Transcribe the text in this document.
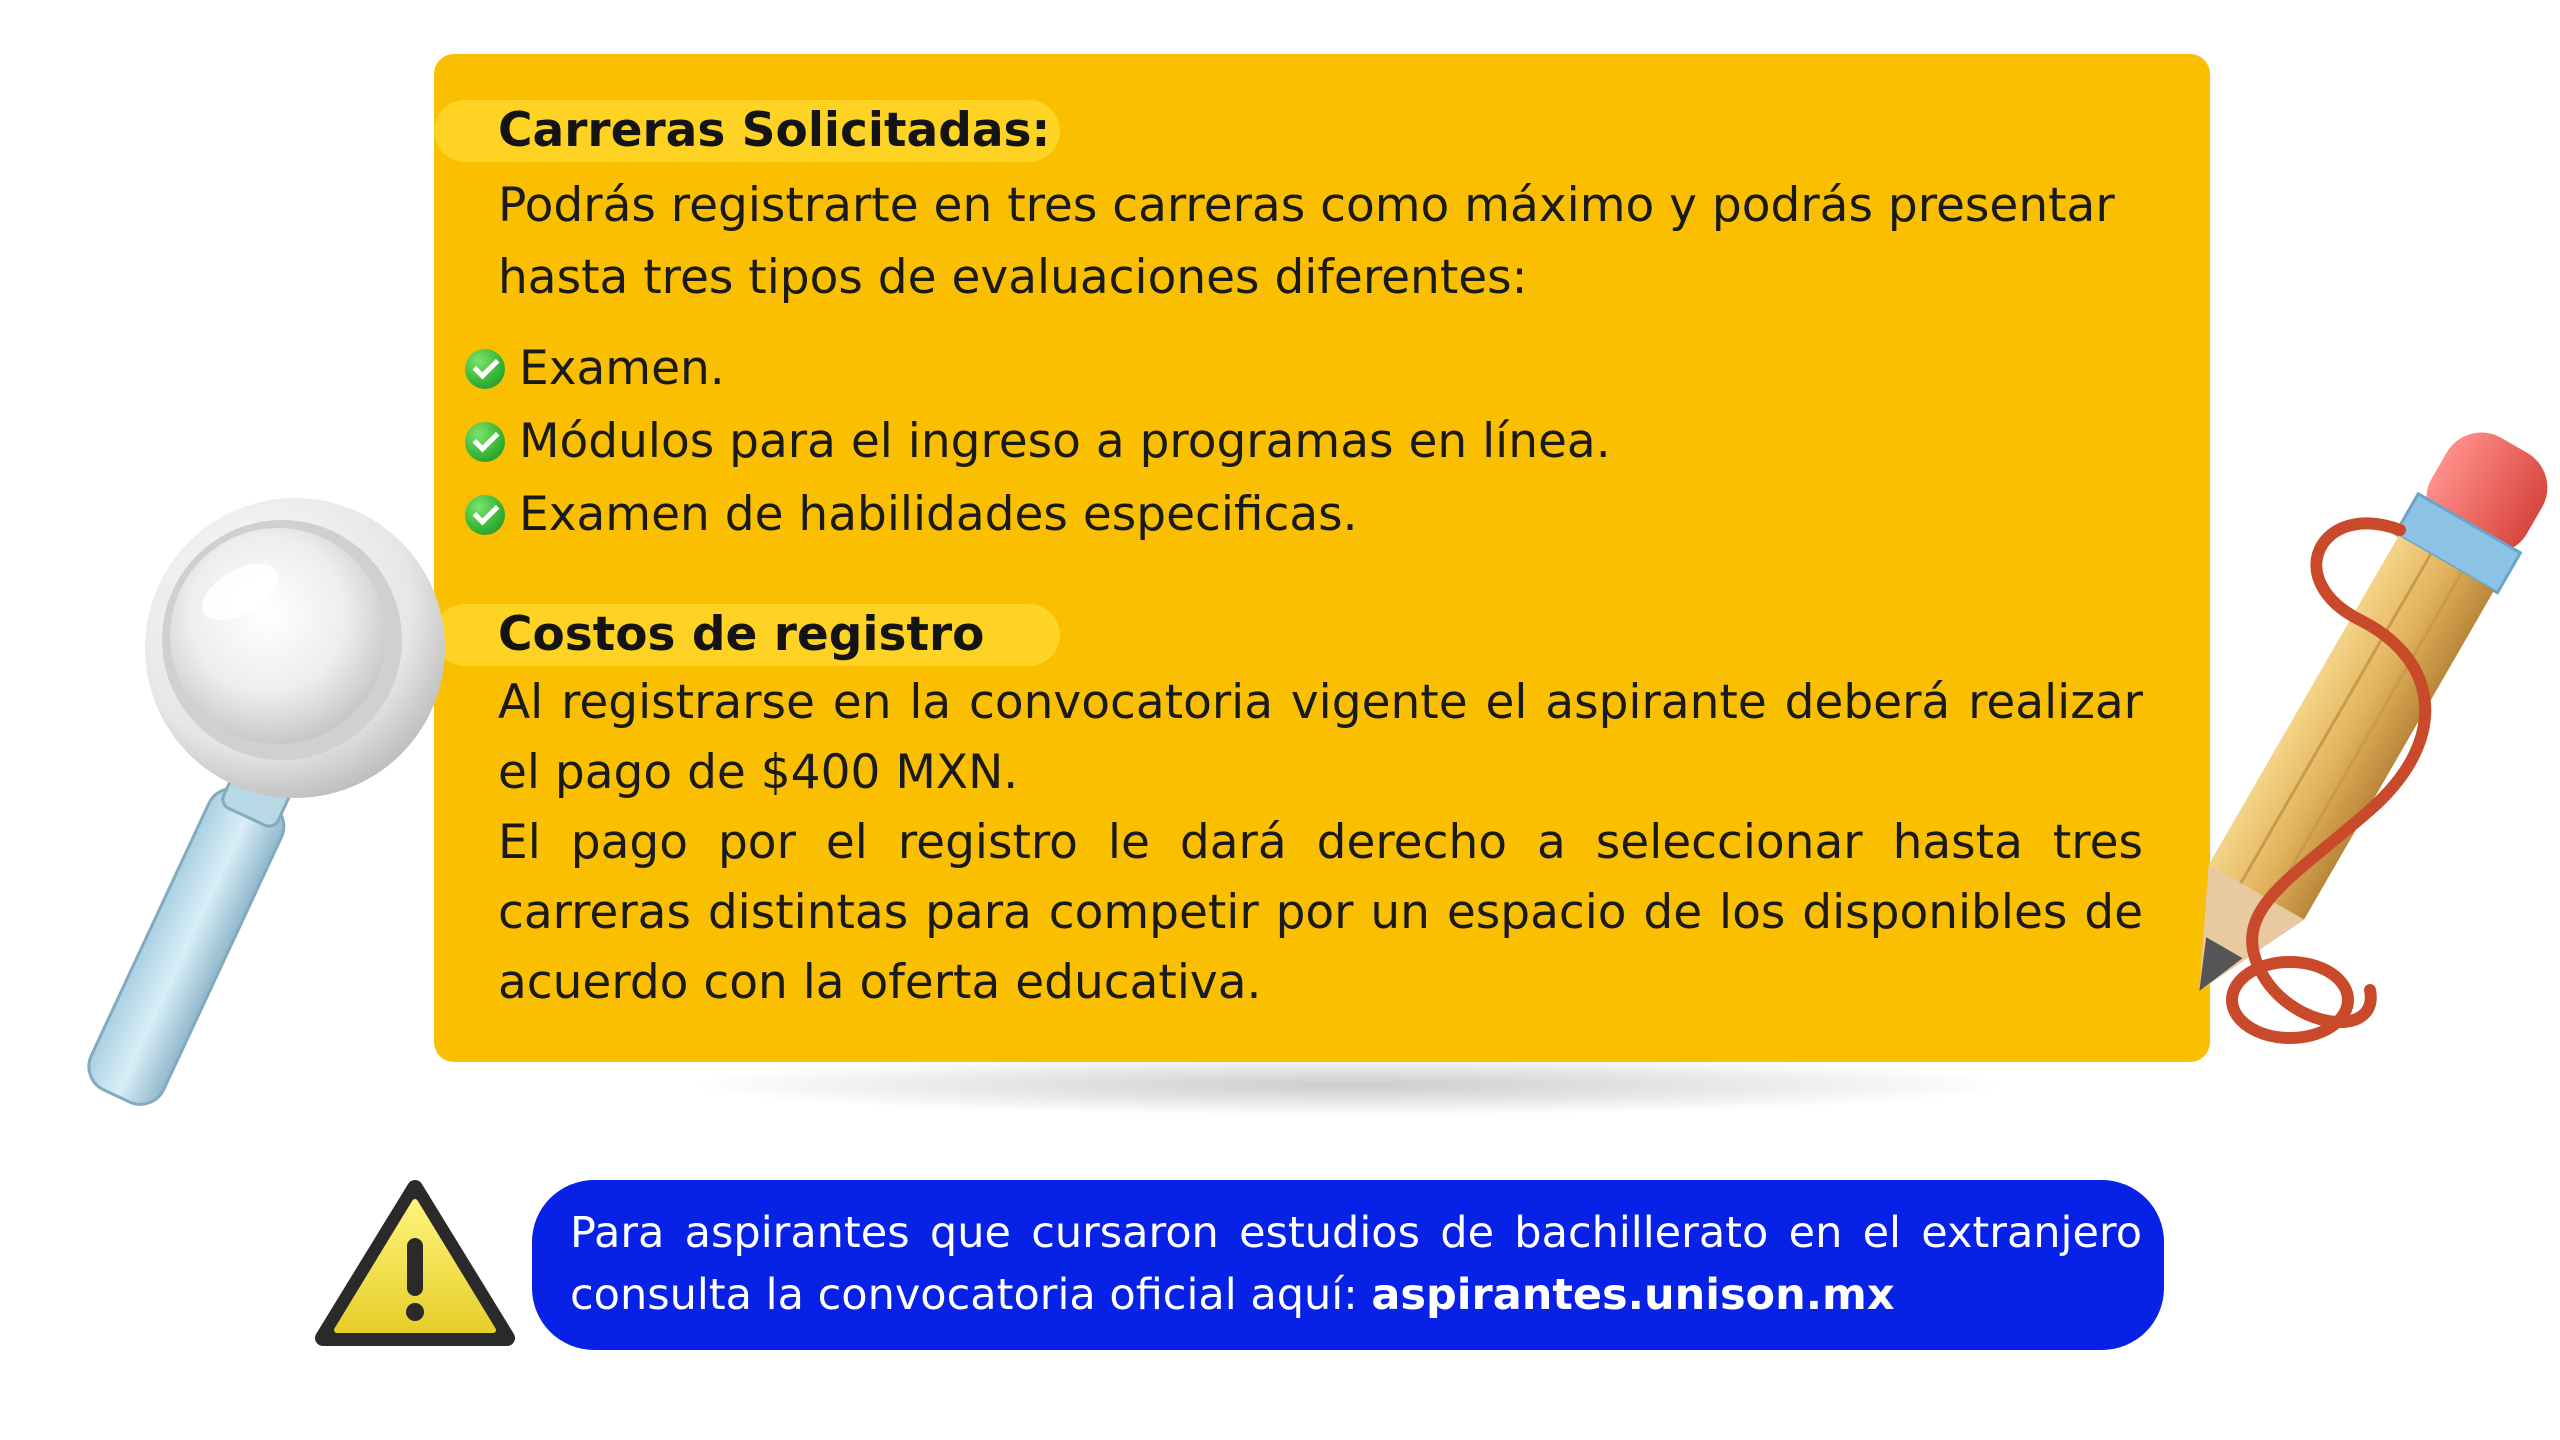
Carreras Solicitadas:
Podrás registrarte en tres carreras como máximo y podrás presentar hasta tres tipos de evaluaciones diferentes:
Examen.
Módulos para el ingreso a programas en línea.
Examen de habilidades especificas.
Costos de registro
Al registrarse en la convocatoria vigente el aspirante deberá realizar el pago de $400 MXN.
El pago por el registro le dará derecho a seleccionar hasta tres carreras distintas para competir por un espacio de los disponibles de acuerdo con la oferta educativa.
Para aspirantes que cursaron estudios de bachillerato en el extranjero consulta la convocatoria oficial aquí: aspirantes.unison.mx
